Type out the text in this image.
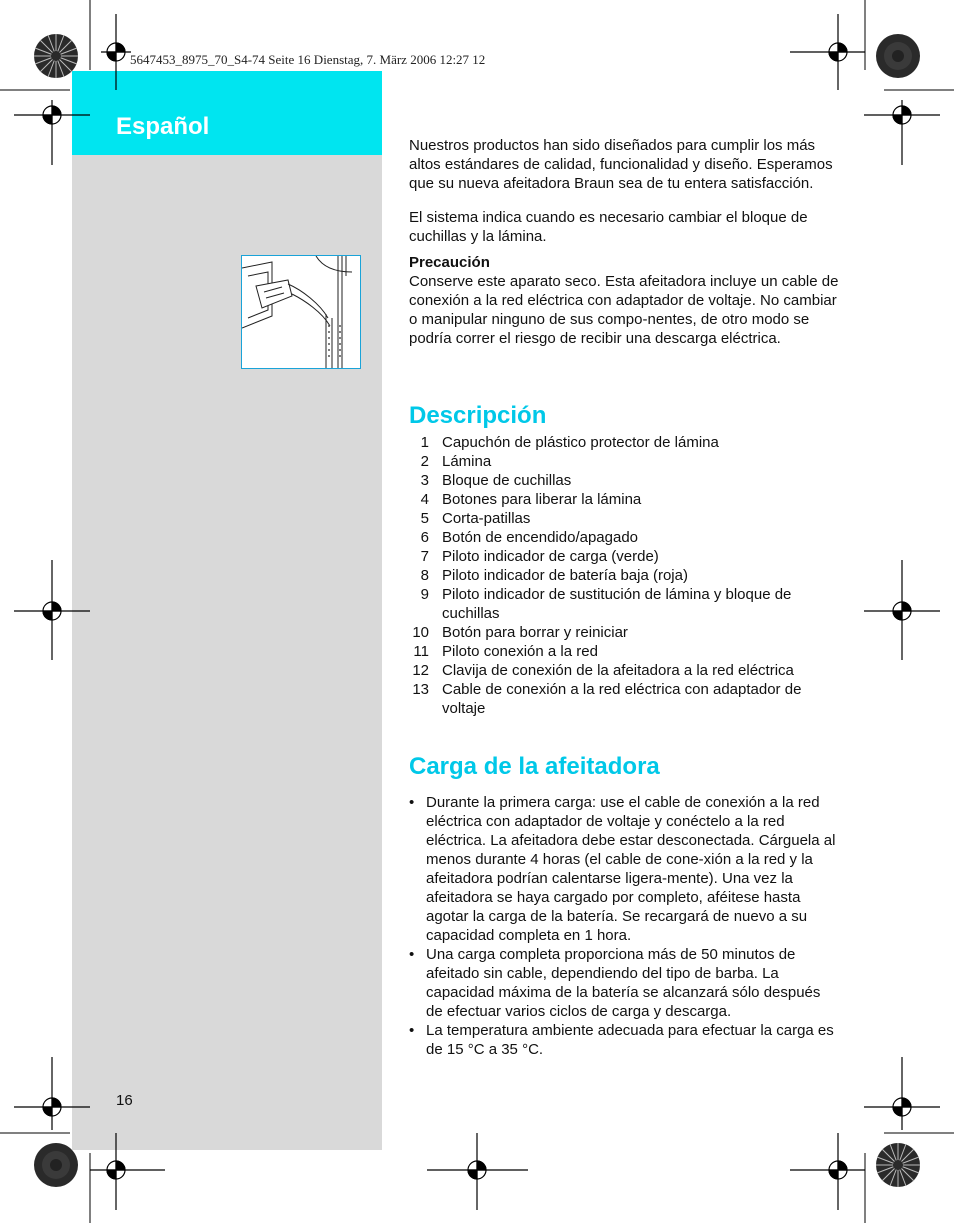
Español
5647453_8975_70_S4-74 Seite 16 Dienstag, 7. März 2006 12:27 12

Nuestros productos han sido diseñados para cumplir los más altos estándares de calidad, funcionalidad y diseño. Esperamos que su nueva afeitadora Braun sea de tu entera satisfacción.

El sistema indica cuando es necesario cambiar el bloque de cuchillas y la lámina.

Precaución
Conserve este aparato seco. Esta afeitadora incluye un cable de conexión a la red eléctrica con adaptador de voltaje. No cambiar o manipular ninguno de sus compo-nentes, de otro modo se podría correr el riesgo de recibir una descarga eléctrica.
Descripción
1 Capuchón de plástico protector de lámina
2 Lámina
3 Bloque de cuchillas
4 Botones para liberar la lámina
5 Corta-patillas
6 Botón de encendido/apagado
7 Piloto indicador de carga (verde)
8 Piloto indicador de batería baja (roja)
9 Piloto indicador de sustitución de lámina y bloque de cuchillas
10 Botón para borrar y reiniciar
11 Piloto conexión a la red
12 Clavija de conexión de la afeitadora a la red eléctrica
13 Cable de conexión a la red eléctrica con adaptador de voltaje
Carga de la afeitadora
• Durante la primera carga: use el cable de conexión a la red eléctrica con adaptador de voltaje y conéctelo a la red eléctrica. La afeitadora debe estar desconectada. Cárguela al menos durante 4 horas (el cable de cone-xión a la red y la afeitadora podrían calentarse ligera-mente). Una vez la afeitadora se haya cargado por completo, aféitese hasta agotar la carga de la batería. Se recargará de nuevo a su capacidad completa en 1 hora.
• Una carga completa proporciona más de 50 minutos de afeitado sin cable, dependiendo del tipo de barba. La capacidad máxima de la batería se alcanzará sólo después de efectuar varios ciclos de carga y descarga.
• La temperatura ambiente adecuada para efectuar la carga es de 15 °C a 35 °C.
16
